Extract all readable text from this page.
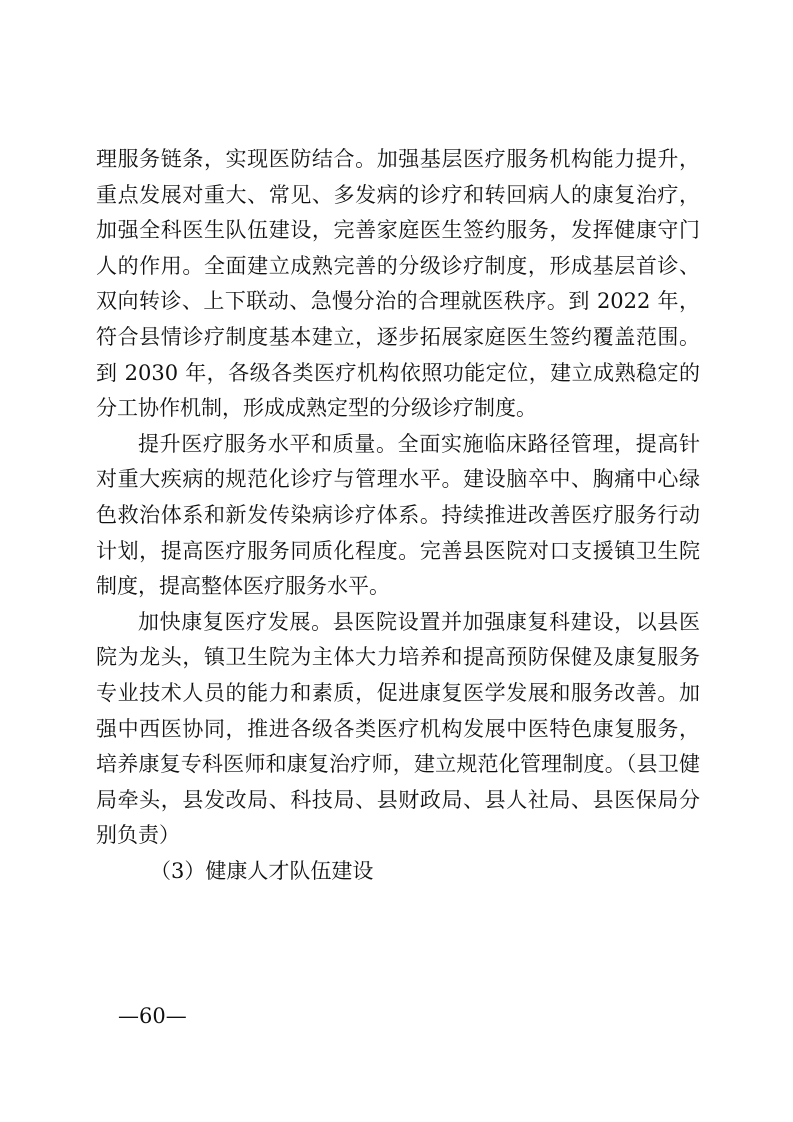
理服务链条，实现医防结合。加强基层医疗服务机构能力提升，重点发展对重大、常见、多发病的诊疗和转回病人的康复治疗，加强全科医生队伍建设，完善家庭医生签约服务，发挥健康守门人的作用。全面建立成熟完善的分级诊疗制度，形成基层首诊、双向转诊、上下联动、急慢分治的合理就医秩序。到 2022 年，符合县情诊疗制度基本建立，逐步拓展家庭医生签约覆盖范围。到 2030 年，各级各类医疗机构依照功能定位，建立成熟稳定的分工协作机制，形成成熟定型的分级诊疗制度。

提升医疗服务水平和质量。全面实施临床路径管理，提高针对重大疾病的规范化诊疗与管理水平。建设脑卒中、胸痛中心绿色救治体系和新发传染病诊疗体系。持续推进改善医疗服务行动计划，提高医疗服务同质化程度。完善县医院对口支援镇卫生院制度，提高整体医疗服务水平。

加快康复医疗发展。县医院设置并加强康复科建设，以县医院为龙头，镇卫生院为主体大力培养和提高预防保健及康复服务专业技术人员的能力和素质，促进康复医学发展和服务改善。加强中西医协同，推进各级各类医疗机构发展中医特色康复服务，培养康复专科医师和康复治疗师，建立规范化管理制度。（县卫健局牵头，县发改局、科技局、县财政局、县人社局、县医保局分别负责）

（3）健康人才队伍建设

—60—
